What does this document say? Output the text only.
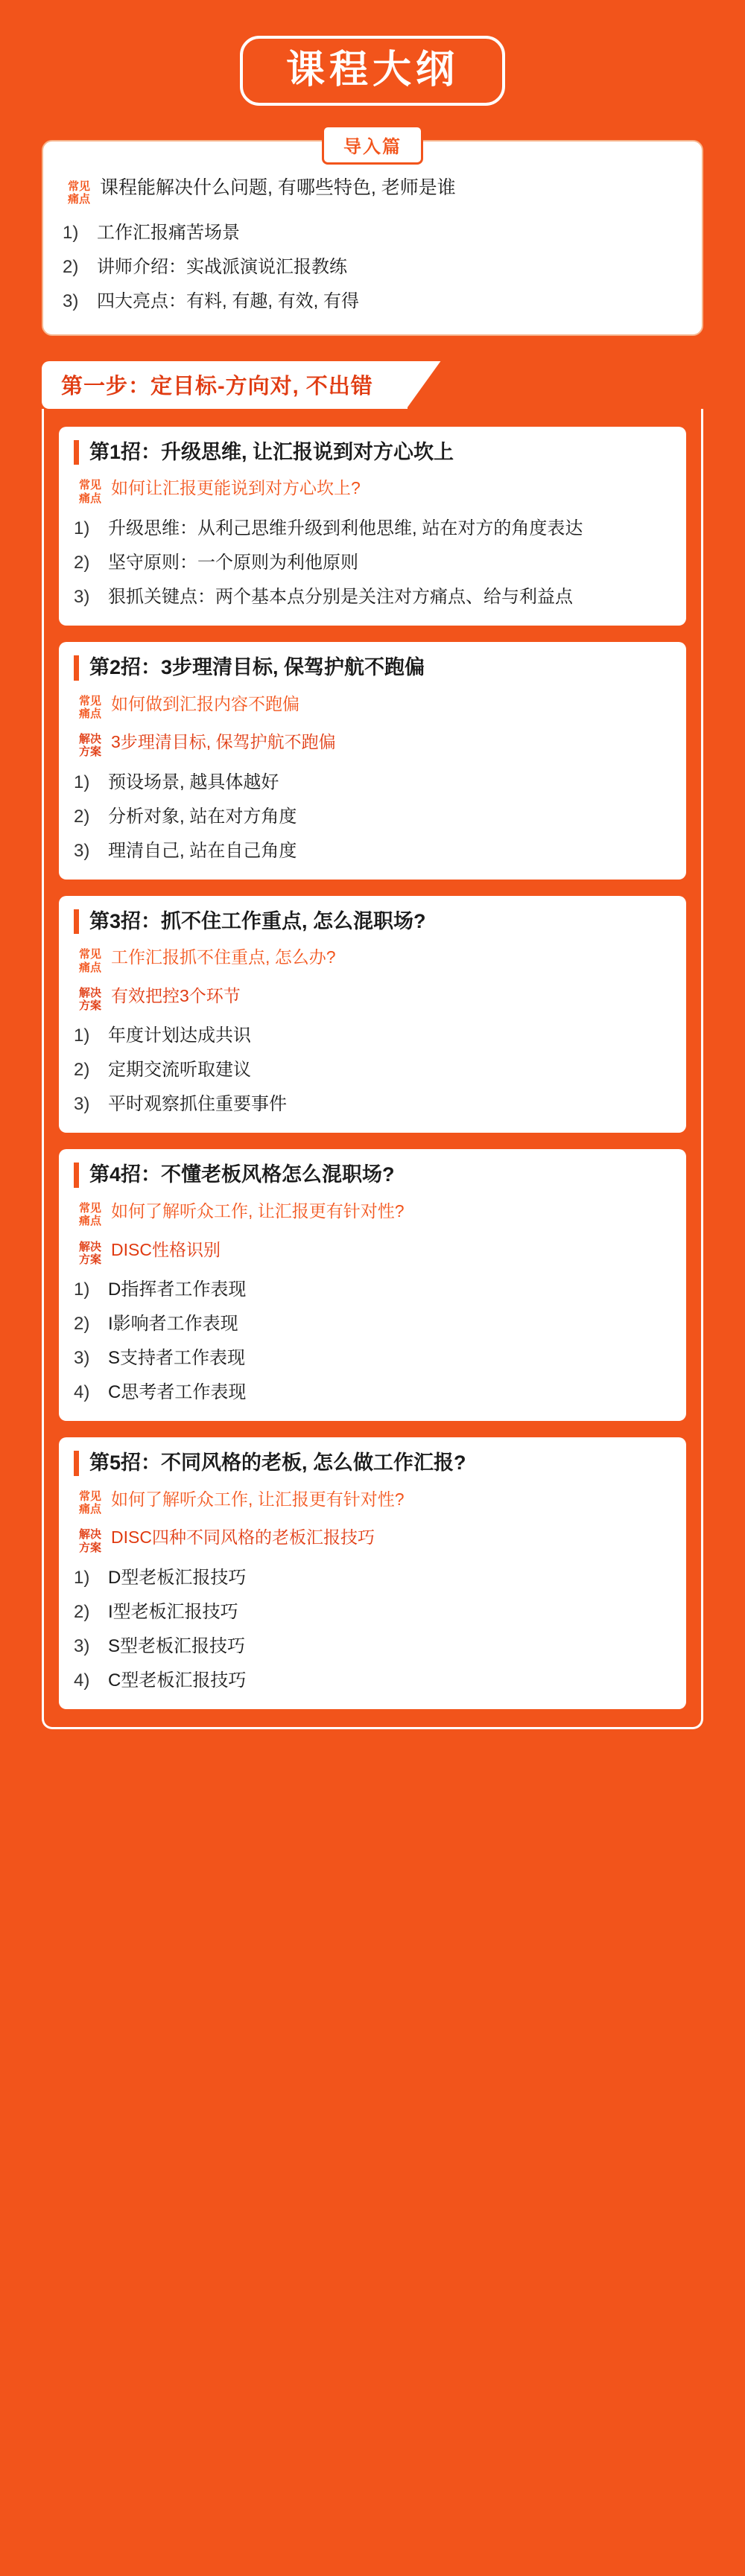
课程大纲
导入篇
常见
痛点
课程能解决什么问题, 有哪些特色, 老师是谁
1)	工作汇报痛苦场景
2)	讲师介绍：实战派演说汇报教练
3)	四大亮点：有料, 有趣, 有效, 有得
第一步：定目标-方向对, 不出错
第1招：升级思维, 让汇报说到对方心坎上
常见
痛点
如何让汇报更能说到对方心坎上?
1)	升级思维：从利己思维升级到利他思维, 站在对方的角度表达
2)	坚守原则：一个原则为利他原则
3)	狠抓关键点：两个基本点分别是关注对方痛点、给与利益点
第2招：3步理清目标, 保驾护航不跑偏
常见
痛点
如何做到汇报内容不跑偏
解决
方案
3步理清目标, 保驾护航不跑偏
1)	预设场景, 越具体越好
2)	分析对象, 站在对方角度
3)	理清自己, 站在自己角度
第3招：抓不住工作重点, 怎么混职场?
常见
痛点
工作汇报抓不住重点, 怎么办?
解决
方案
有效把控3个环节
1)	年度计划达成共识
2)	定期交流听取建议
3)	平时观察抓住重要事件
第4招：不懂老板风格怎么混职场?
常见
痛点
如何了解听众工作, 让汇报更有针对性?
解决
方案
DISC性格识别
1)	D指挥者工作表现
2)	I影响者工作表现
3)	S支持者工作表现
4)	C思考者工作表现
第5招：不同风格的老板, 怎么做工作汇报?
常见
痛点
如何了解听众工作, 让汇报更有针对性?
解决
方案
DISC四种不同风格的老板汇报技巧
1)	D型老板汇报技巧
2)	I型老板汇报技巧
3)	S型老板汇报技巧
4)	C型老板汇报技巧
